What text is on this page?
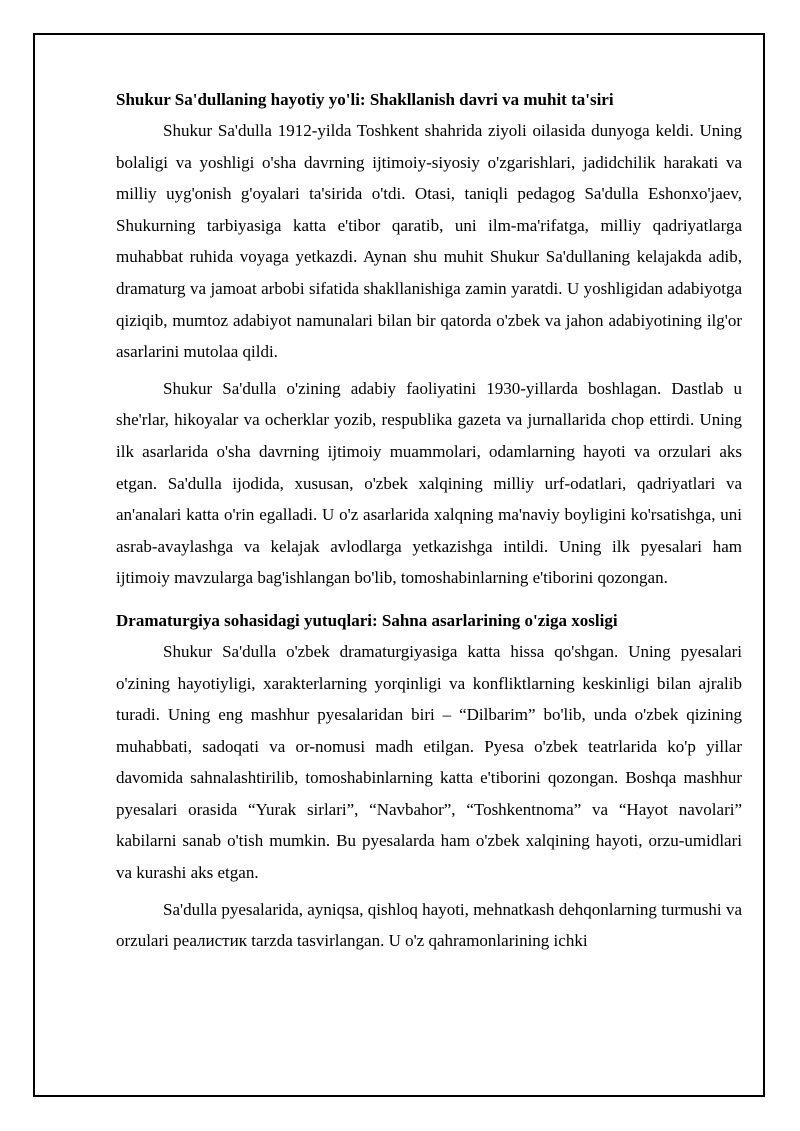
Shukur Sa'dullaning hayotiy yo'li: Shakllanish davri va muhit ta'siri

Shukur Sa'dulla 1912-yilda Toshkent shahrida ziyoli oilasida dunyoga keldi. Uning bolaligi va yoshligi o'sha davrning ijtimoiy-siyosiy o'zgarishlari, jadidchilik harakati va milliy uyg'onish g'oyalari ta'sirida o'tdi. Otasi, taniqli pedagog Sa'dulla Eshonxo'jaev, Shukurning tarbiyasiga katta e'tibor qaratib, uni ilm-ma'rifatga, milliy qadriyatlarga muhabbat ruhida voyaga yetkazdi. Aynan shu muhit Shukur Sa'dullaning kelajakda adib, dramaturg va jamoat arbobi sifatida shakllanishiga zamin yaratdi. U yoshligidan adabiyotga qiziqib, mumtoz adabiyot namunalari bilan bir qatorda o'zbek va jahon adabiyotining ilg'or asarlarini mutolaa qildi.

Shukur Sa'dulla o'zining adabiy faoliyatini 1930-yillarda boshlagan. Dastlab u she'rlar, hikoyalar va ocherklar yozib, respublika gazeta va jurnallarida chop ettirdi. Uning ilk asarlarida o'sha davrning ijtimoiy muammolari, odamlarning hayoti va orzulari aks etgan. Sa'dulla ijodida, xususan, o'zbek xalqining milliy urf-odatlari, qadriyatlari va an'analari katta o'rin egalladi. U o'z asarlarida xalqning ma'naviy boyligini ko'rsatishga, uni asrab-avaylashga va kelajak avlodlarga yetkazishga intildi. Uning ilk pyesalari ham ijtimoiy mavzularga bag'ishlangan bo'lib, tomoshabinlarning e'tiborini qozongan.

Dramaturgiya sohasidagi yutuqlari: Sahna asarlarining o'ziga xosligi

Shukur Sa'dulla o'zbek dramaturgiyasiga katta hissa qo'shgan. Uning pyesalari o'zining hayotiyligi, xarakterlarning yorqinligi va konfliktlarning keskinligi bilan ajralib turadi. Uning eng mashhur pyesalaridan biri – “Dilbarim” bo'lib, unda o'zbek qizining muhabbati, sadoqati va or-nomusi madh etilgan. Pyesa o'zbek teatrlarida ko'p yillar davomida sahnalashtirilib, tomoshabinlarning katta e'tiborini qozongan. Boshqa mashhur pyesalari orasida “Yurak sirlari”, “Navbahor”, “Toshkentnoma” va “Hayot navolari” kabilarni sanab o'tish mumkin. Bu pyesalarda ham o'zbek xalqining hayoti, orzu-umidlari va kurashi aks etgan.

Sa'dulla pyesalarida, ayniqsa, qishloq hayoti, mehnatkash dehqonlarning turmushi va orzulari реалистик tarzda tasvirlangan. U o'z qahramonlarining ichki
